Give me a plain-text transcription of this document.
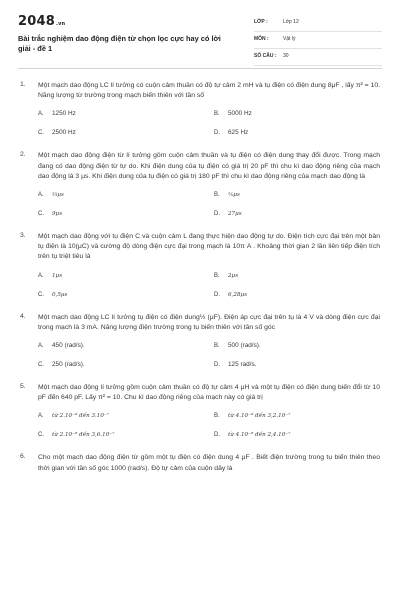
2048.vn
Bài trắc nghiệm dao động điện từ chọn lọc cực hay có lời giải - đề 1
LỚP :	Lớp 12
MÔN :	Vật lý
SỐ CÂU : 30
1. Một mạch dao động LC lí tưởng có cuộn cảm thuần có độ tự cảm 2 mH và tụ điện có điện dung 8μF , lấy π² = 10. Năng lượng từ trường trong mạch biến thiên với tần số
A. 1250 Hz	B. 5000 Hz
C. 2500 Hz	D. 625 Hz
2. Một mạch dao động điện từ lí tưởng gồm cuộn cảm thuần và tụ điện có điện dung thay đổi được. Trong mạch đang có dao động điện từ tự do. Khi điện dung của tụ điện có giá trị 20 pF thì chu kì dao động riêng của mạch dao động là 3 μs. Khi điện dung của tụ điện có giá trị 180 pF thì chu kì dao động riêng của mạch dao động là
A. ⅓μs	B. ⅟₉μs
C. 9μs	D. 27μs
3. Một mạch dao động với tụ điện C và cuộn cảm L đang thực hiện dao động tự do. Điện tích cực đại trên một bản tụ điện là 10(μC) và cường độ dòng điện cực đại trong mạch là 10π A . Khoảng thời gian 2 lần liên tiếp điện tích trên tụ triệt tiêu là
A. 1μs	B. 2μs
C. 0,5μs	D. 6,28μs
4. Một mạch dao động LC lí tưởng tụ điện có điện dung½ (μF). Điện áp cực đại trên tụ là 4 V và dòng điện cực đại trong mạch là 3 mA. Năng lượng điện trường trong tụ biến thiên với tần số góc
A. 450 (rad/s).	B. 500 (rad/s).
C. 250 (rad/s).	D. 125 rad/s.
5. Một mạch dao động lí tưởng gồm cuộn cảm thuần có độ tự cảm 4 μH và một tụ điện có điện dung biến đổi từ 10 pF đến 640 pF. Lấy π² = 10. Chu kì dao động riêng của mạch này có giá trị
A. từ 2.10⁻⁸ đến 3.10⁻⁷	B. từ 4.10⁻⁸ đến 3,2.10⁻⁷
C. từ 2.10⁻⁸ đến 3,6.10⁻⁷	D. từ 4.10⁻⁸ đến 2,4.10⁻⁷
6. Cho một mạch dao động điện từ gồm một tụ điện có điện dung 4 μF . Biết điện trường trong tụ biến thiên theo thời gian với tần số góc 1000 (rad/s). Độ tự cảm của cuộn dây là
